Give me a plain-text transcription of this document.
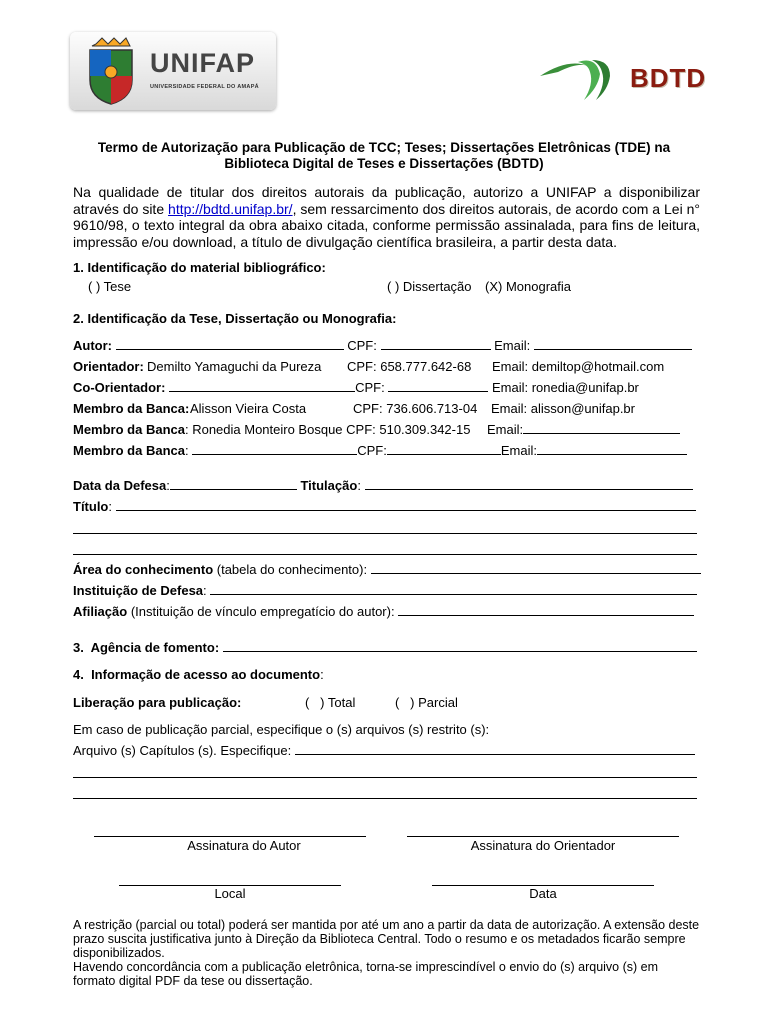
UNIFAP
UNIVERSIDADE FEDERAL DO AMAPÁ	BDTD
Termo de Autorização para Publicação de TCC; Teses; Dissertações Eletrônicas (TDE) na
Biblioteca Digital de Teses e Dissertações (BDTD)
Na qualidade de titular dos direitos autorais da publicação, autorizo a UNIFAP a disponibilizar através do site http://bdtd.unifap.br/, sem ressarcimento dos direitos autorais, de acordo com a Lei n° 9610/98, o texto integral da obra abaixo citada, conforme permissão assinalada, para fins de leitura, impressão e/ou download, a título de divulgação científica brasileira, a partir desta data.
1. Identificação do material bibliográfico:
( ) Tese	( ) Dissertação (X) Monografia
2. Identificação da Tese, Dissertação ou Monografia:
Autor:	CPF:	Email:
Orientador: Demilto Yamaguchi da Pureza CPF: 658.777.642-68 Email: demiltop@hotmail.com
Co-Orientador:	CPF:	Email: ronedia@unifap.br
Membro da Banca: Alisson Vieira Costa	CPF: 736.606.713-04 Email: alisson@unifap.br
Membro da Banca: Ronedia Monteiro Bosque CPF: 510.309.342-15 Email:
Membro da Banca:	CPF:	Email:
Data da Defesa:	Titulação:
Título:
Área do conhecimento (tabela do conhecimento):
Instituição de Defesa:
Afiliação (Instituição de vínculo empregatício do autor):
3.  Agência de fomento:
4.  Informação de acesso ao documento:
Liberação para publicação:	(   ) Total	(   ) Parcial
Em caso de publicação parcial, especifique o (s) arquivos (s) restrito (s):
Arquivo (s) Capítulos (s). Especifique:
Assinatura do Autor	Assinatura do Orientador
Local	Data
A restrição (parcial ou total) poderá ser mantida por até um ano a partir da data de autorização. A extensão deste prazo suscita justificativa junto à Direção da Biblioteca Central. Todo o resumo e os metadados ficarão sempre disponibilizados.
Havendo concordância com a publicação eletrônica, torna-se imprescindível o envio do (s) arquivo (s) em formato digital PDF da tese ou dissertação.
